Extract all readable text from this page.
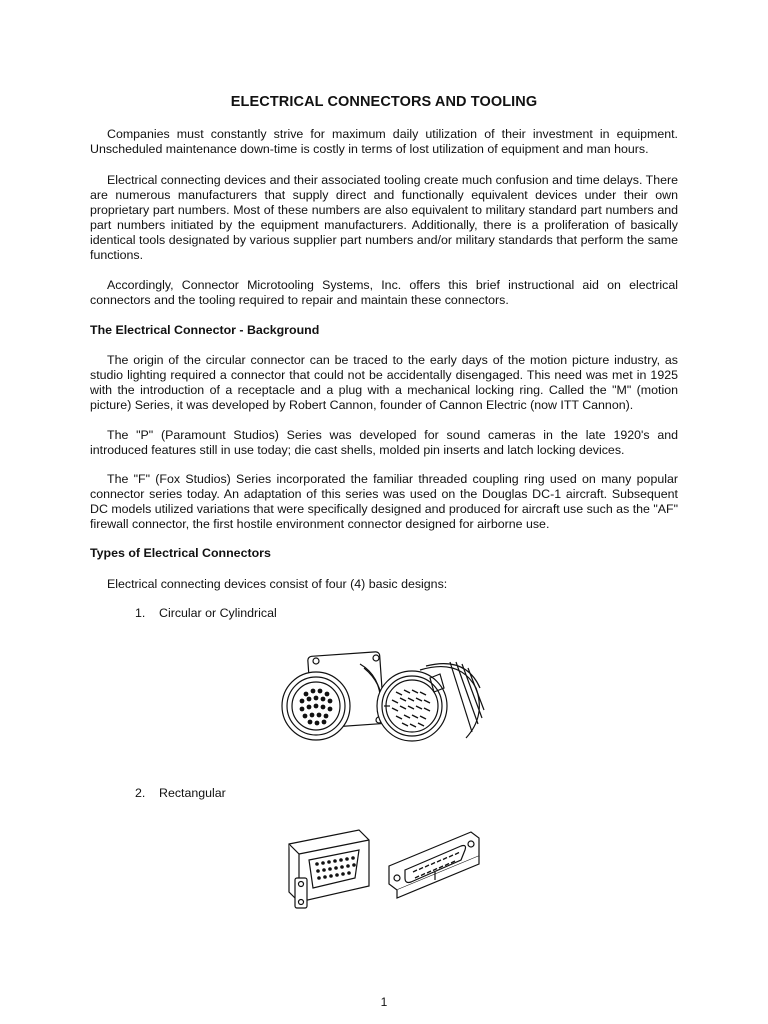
ELECTRICAL CONNECTORS AND TOOLING

Companies must constantly strive for maximum daily utilization of their investment in equipment. Unscheduled maintenance down-time is costly in terms of lost utilization of equipment and man hours.

Electrical connecting devices and their associated tooling create much confusion and time delays. There are numerous manufacturers that supply direct and functionally equivalent devices under their own proprietary part numbers. Most of these numbers are also equivalent to military standard part numbers and part numbers initiated by the equipment manufacturers. Additionally, there is a proliferation of basically identical tools designated by various supplier part numbers and/or military standards that perform the same functions.

Accordingly, Connector Microtooling Systems, Inc. offers this brief instructional aid on electrical connectors and the tooling required to repair and maintain these connectors.

The Electrical Connector - Background

The origin of the circular connector can be traced to the early days of the motion picture industry, as studio lighting required a connector that could not be accidentally disengaged. This need was met in 1925 with the introduction of a receptacle and a plug with a mechanical locking ring. Called the "M" (motion picture) Series, it was developed by Robert Cannon, founder of Cannon Electric (now ITT Cannon).

The "P" (Paramount Studios) Series was developed for sound cameras in the late 1920's and introduced features still in use today; die cast shells, molded pin inserts and latch locking devices.

The "F" (Fox Studios) Series incorporated the familiar threaded coupling ring used on many popular connector series today. An adaptation of this series was used on the Douglas DC-1 aircraft. Subsequent DC models utilized variations that were specifically designed and produced for aircraft use such as the "AF" firewall connector, the first hostile environment connector designed for airborne use.

Types of Electrical Connectors

Electrical connecting devices consist of four (4) basic designs:

1. Circular or Cylindrical

2. Rectangular

1
